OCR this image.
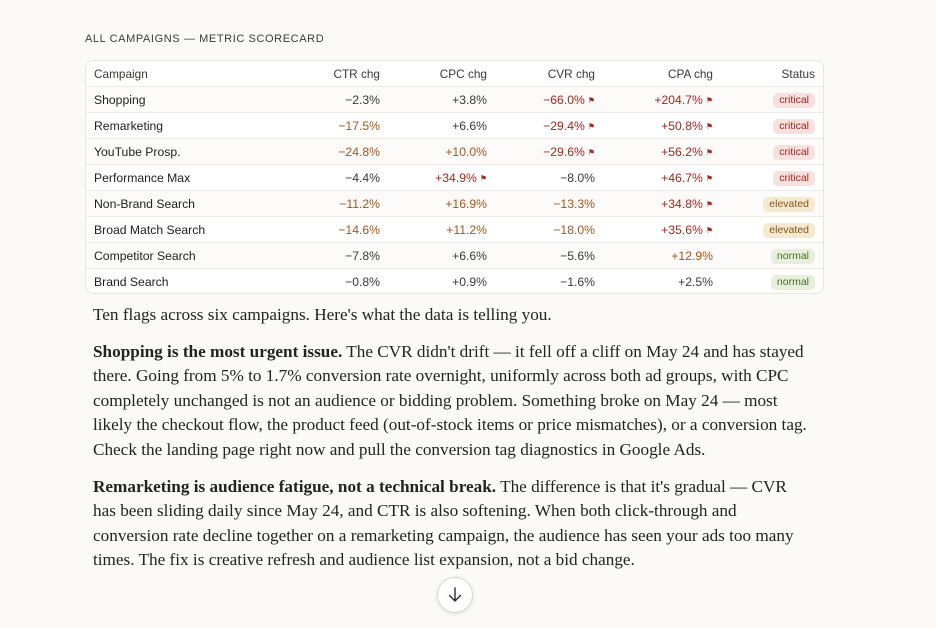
ALL CAMPAIGNS — METRIC SCORECARD
Campaign	CTR chg	CPC chg	CVR chg	CPA chg	Status
Shopping	−2.3%	+3.8%	−66.0% ⚑	+204.7% ⚑	critical
Remarketing	−17.5%	+6.6%	−29.4% ⚑	+50.8% ⚑	critical
YouTube Prosp.	−24.8%	+10.0%	−29.6% ⚑	+56.2% ⚑	critical
Performance Max	−4.4%	+34.9% ⚑	−8.0%	+46.7% ⚑	critical
Non-Brand Search	−11.2%	+16.9%	−13.3%	+34.8% ⚑	elevated
Broad Match Search	−14.6%	+11.2%	−18.0%	+35.6% ⚑	elevated
Competitor Search	−7.8%	+6.6%	−5.6%	+12.9%	normal
Brand Search	−0.8%	+0.9%	−1.6%	+2.5%	normal

Ten flags across six campaigns. Here's what the data is telling you.

Shopping is the most urgent issue. The CVR didn't drift — it fell off a cliff on May 24 and has stayed there. Going from 5% to 1.7% conversion rate overnight, uniformly across both ad groups, with CPC completely unchanged is not an audience or bidding problem. Something broke on May 24 — most likely the checkout flow, the product feed (out-of-stock items or price mismatches), or a conversion tag. Check the landing page right now and pull the conversion tag diagnostics in Google Ads.

Remarketing is audience fatigue, not a technical break. The difference is that it's gradual — CVR has been sliding daily since May 24, and CTR is also softening. When both click-through and conversion rate decline together on a remarketing campaign, the audience has seen your ads too many times. The fix is creative refresh and audience list expansion, not a bid change.
